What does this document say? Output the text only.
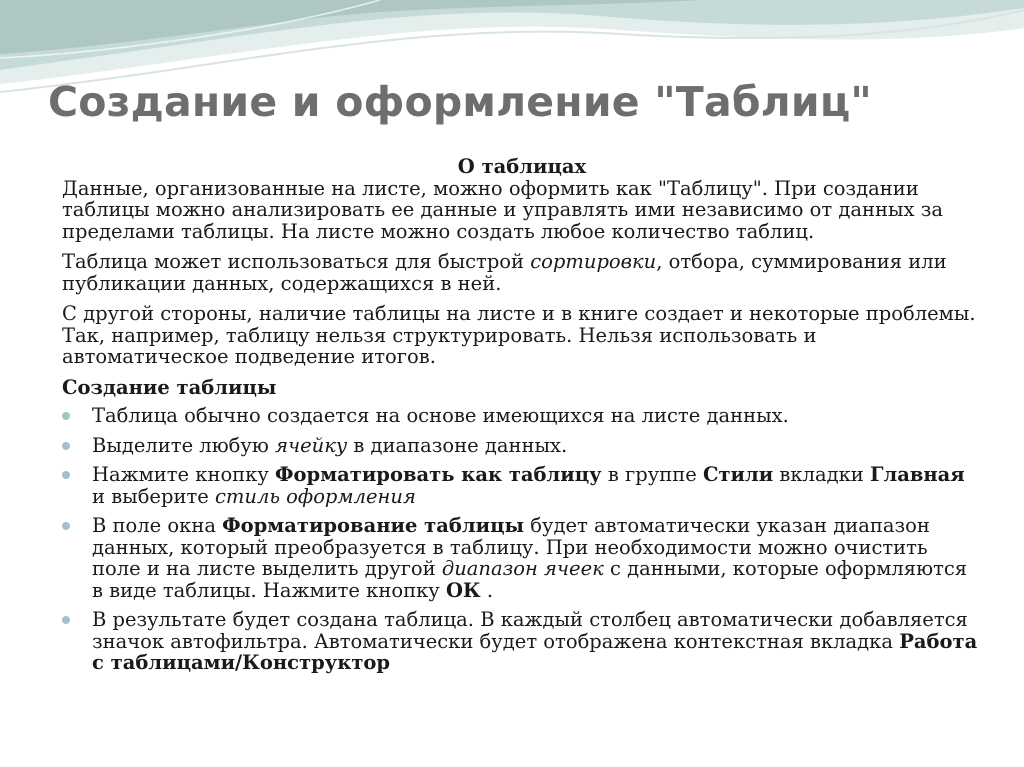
Создание и оформление "Таблиц"

О таблицах

Данные, организованные на листе, можно оформить как "Таблицу". При создании таблицы можно анализировать ее данные и управлять ими независимо от данных за пределами таблицы. На листе можно создать любое количество таблиц.

Таблица может использоваться для быстрой сортировки, отбора, суммирования или публикации данных, содержащихся в ней.

С другой стороны, наличие таблицы на листе и в книге создает и некоторые проблемы. Так, например, таблицу нельзя структурировать. Нельзя использовать и автоматическое подведение итогов.

Создание таблицы

Таблица обычно создается на основе имеющихся на листе данных.
Выделите любую ячейку в диапазоне данных.
Нажмите кнопку Форматировать как таблицу в группе Стили вкладки Главная и выберите стиль оформления
В поле окна Форматирование таблицы будет автоматически указан диапазон данных, который преобразуется в таблицу. При необходимости можно очистить поле и на листе выделить другой диапазон ячеек с данными, которые оформляются в виде таблицы. Нажмите кнопку ОК .
В результате будет создана таблица. В каждый столбец автоматически добавляется значок автофильтра. Автоматически будет отображена контекстная вкладка Работа с таблицами/Конструктор
